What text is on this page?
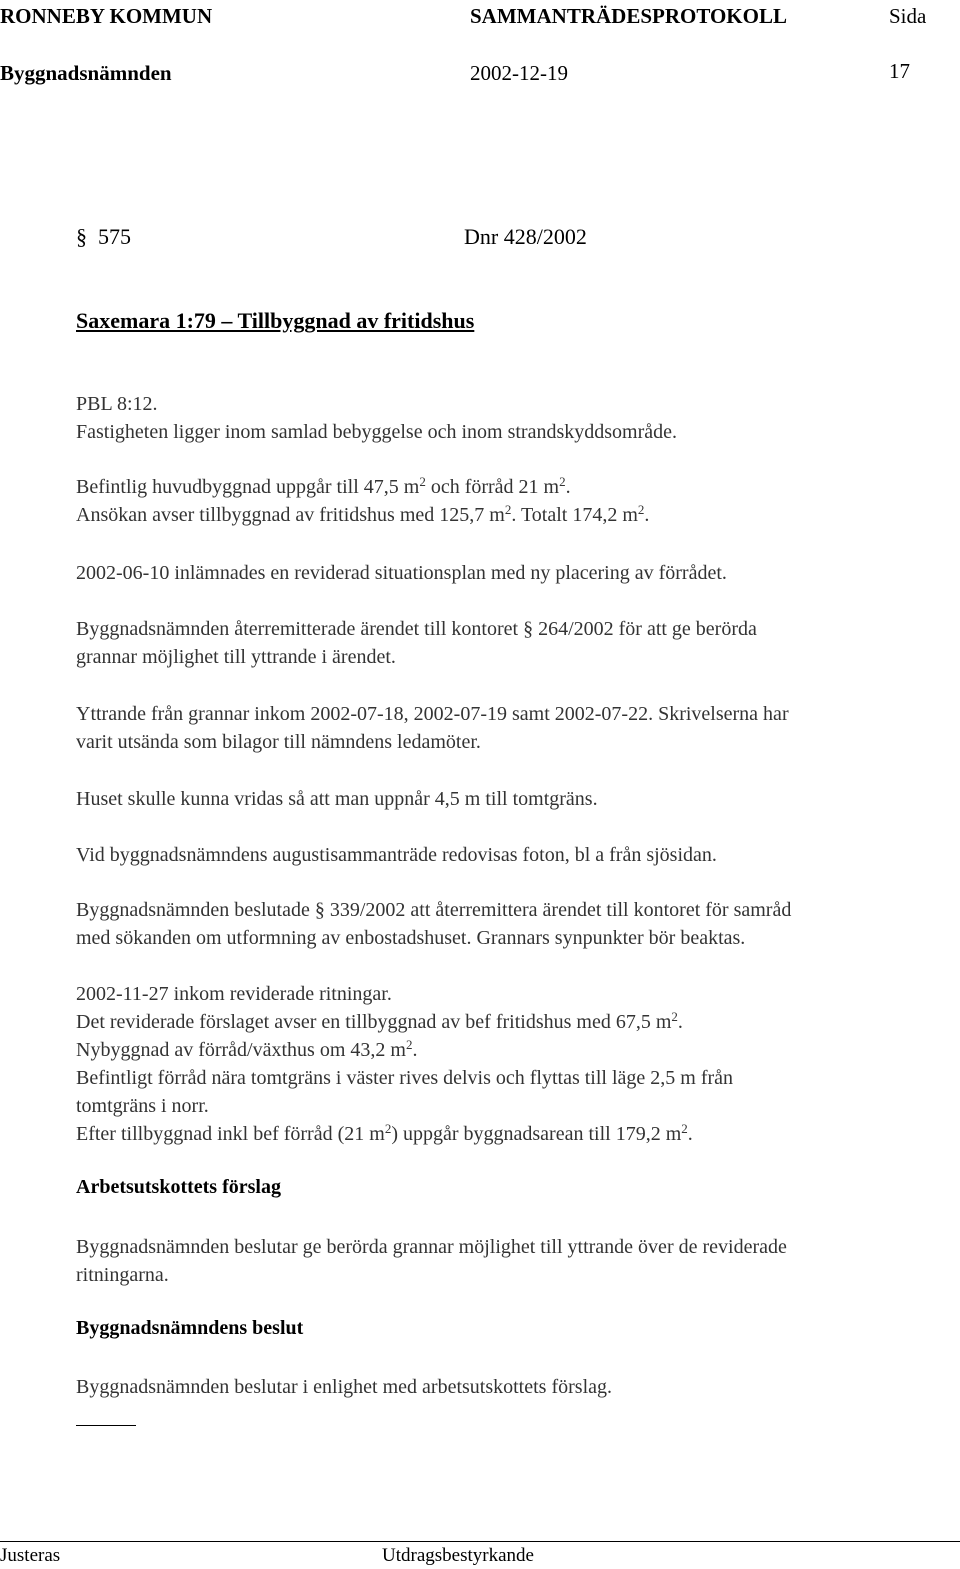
RONNEBY KOMMUN	SAMMANTRÄDESPROTOKOLL	Sida
Byggnadsnämnden	2002-12-19	17
§ 575	Dnr 428/2002
Saxemara 1:79 – Tillbyggnad av fritidshus
PBL 8:12.
Fastigheten ligger inom samlad bebyggelse och inom strandskyddsområde.
Befintlig huvudbyggnad uppgår till 47,5 $m^2$ och förråd 21 $m^2$.
Ansökan avser tillbyggnad av fritidshus med 125,7 $m^2$. Totalt 174,2 $m^2$.
2002-06-10 inlämnades en reviderad situationsplan med ny placering av förrådet.
Byggnadsnämnden återremitterade ärendet till kontoret § 264/2002 för att ge berörda
grannar möjlighet till yttrande i ärendet.
Yttrande från grannar inkom 2002-07-18, 2002-07-19 samt 2002-07-22. Skrivelserna har
varit utsända som bilagor till nämndens ledamöter.
Huset skulle kunna vridas så att man uppnår 4,5 m till tomtgräns.
Vid byggnadsnämndens augustisammanträde redovisas foton, bl a från sjösidan.
Byggnadsnämnden beslutade § 339/2002 att återremittera ärendet till kontoret för samråd
med sökanden om utformning av enbostadshuset. Grannars synpunkter bör beaktas.
2002-11-27 inkom reviderade ritningar.
Det reviderade förslaget avser en tillbyggnad av bef fritidshus med 67,5 $m^2$.
Nybyggnad av förråd/växthus om 43,2 $m^2$.
Befintligt förråd nära tomtgräns i väster rives delvis och flyttas till läge 2,5 m från
tomtgräns i norr.
Efter tillbyggnad inkl bef förråd (21 $m^2$) uppgår byggnadsarean till 179,2 $m^2$.
Arbetsutskottets förslag
Byggnadsnämnden beslutar ge berörda grannar möjlighet till yttrande över de reviderade
ritningarna.
Byggnadsnämndens beslut
Byggnadsnämnden beslutar i enlighet med arbetsutskottets förslag.
Justeras	Utdragsbestyrkande
